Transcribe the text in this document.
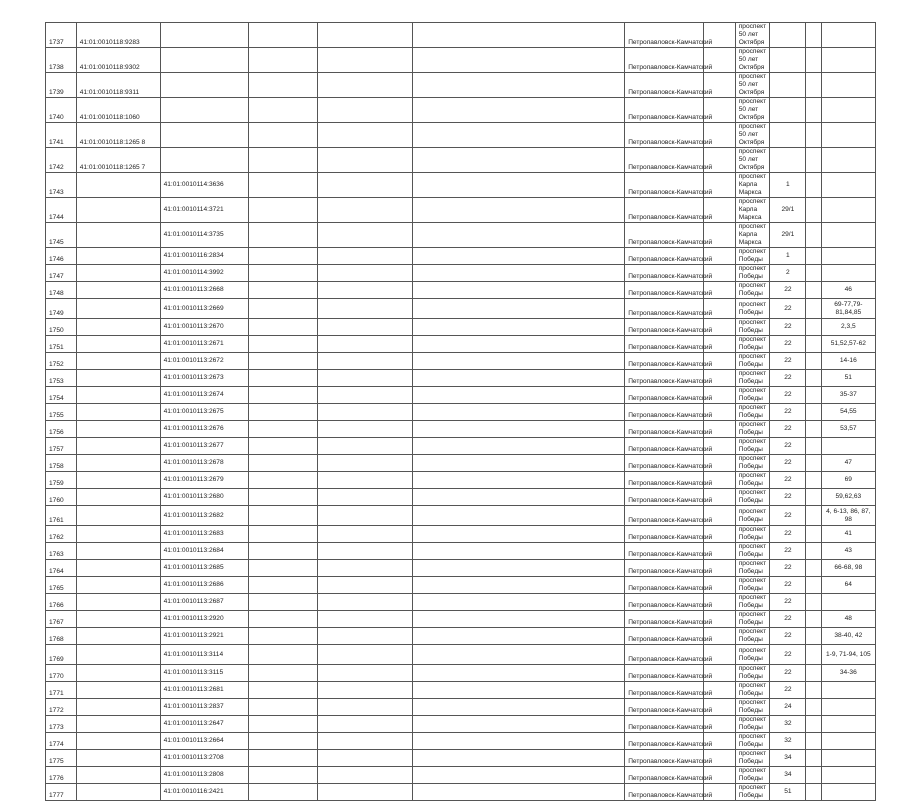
1737	41:01:0010118:9283					Петропавловск-Камчатский		проспект 50 лет Октября			
1738	41:01:0010118:9302					Петропавловск-Камчатский		проспект 50 лет Октября			
1739	41:01:0010118:9311					Петропавловск-Камчатский		проспект 50 лет Октября			
1740	41:01:0010118:1060					Петропавловск-Камчатский		проспект 50 лет Октября			
1741	41:01:0010118:1265 8					Петропавловск-Камчатский		проспект 50 лет Октября			
1742	41:01:0010118:1265 7					Петропавловск-Камчатский		проспект 50 лет Октября			
1743		41:01:0010114:3636				Петропавловск-Камчатский		проспект Карла Маркса	1		
1744		41:01:0010114:3721				Петропавловск-Камчатский		проспект Карла Маркса	29/1		
1745		41:01:0010114:3735				Петропавловск-Камчатский		проспект Карла Маркса	29/1		
1746		41:01:0010116:2834				Петропавловск-Камчатский		проспект Победы	1		
1747		41:01:0010114:3992				Петропавловск-Камчатский		проспект Победы	2		
1748		41:01:0010113:2668				Петропавловск-Камчатский		проспект Победы	22		46
1749		41:01:0010113:2669				Петропавловск-Камчатский		проспект Победы	22		69-77,79-81,84,85
1750		41:01:0010113:2670				Петропавловск-Камчатский		проспект Победы	22		2,3,5
1751		41:01:0010113:2671				Петропавловск-Камчатский		проспект Победы	22		51,52,57-62
1752		41:01:0010113:2672				Петропавловск-Камчатский		проспект Победы	22		14-16
1753		41:01:0010113:2673				Петропавловск-Камчатский		проспект Победы	22		51
1754		41:01:0010113:2674				Петропавловск-Камчатский		проспект Победы	22		35-37
1755		41:01:0010113:2675				Петропавловск-Камчатский		проспект Победы	22		54,55
1756		41:01:0010113:2676				Петропавловск-Камчатский		проспект Победы	22		53,57
1757		41:01:0010113:2677				Петропавловск-Камчатский		проспект Победы	22		
1758		41:01:0010113:2678				Петропавловск-Камчатский		проспект Победы	22		47
1759		41:01:0010113:2679				Петропавловск-Камчатский		проспект Победы	22		69
1760		41:01:0010113:2680				Петропавловск-Камчатский		проспект Победы	22		59,62,63
1761		41:01:0010113:2682				Петропавловск-Камчатский		проспект Победы	22		4, 6-13, 86, 87, 98
1762		41:01:0010113:2683				Петропавловск-Камчатский		проспект Победы	22		41
1763		41:01:0010113:2684				Петропавловск-Камчатский		проспект Победы	22		43
1764		41:01:0010113:2685				Петропавловск-Камчатский		проспект Победы	22		66-68, 98
1765		41:01:0010113:2686				Петропавловск-Камчатский		проспект Победы	22		64
1766		41:01:0010113:2687				Петропавловск-Камчатский		проспект Победы	22		
1767		41:01:0010113:2920				Петропавловск-Камчатский		проспект Победы	22		48
1768		41:01:0010113:2921				Петропавловск-Камчатский		проспект Победы	22		38-40, 42
1769		41:01:0010113:3114				Петропавловск-Камчатский		проспект Победы	22		1-9, 71-94, 105
1770		41:01:0010113:3115				Петропавловск-Камчатский		проспект Победы	22		34-36
1771		41:01:0010113:2681				Петропавловск-Камчатский		проспект Победы	22		
1772		41:01:0010113:2837				Петропавловск-Камчатский		проспект Победы	24		
1773		41:01:0010113:2647				Петропавловск-Камчатский		проспект Победы	32		
1774		41:01:0010113:2664				Петропавловск-Камчатский		проспект Победы	32		
1775		41:01:0010113:2708				Петропавловск-Камчатский		проспект Победы	34		
1776		41:01:0010113:2808				Петропавловск-Камчатский		проспект Победы	34		
1777		41:01:0010116:2421				Петропавловск-Камчатский		проспект Победы	51		
